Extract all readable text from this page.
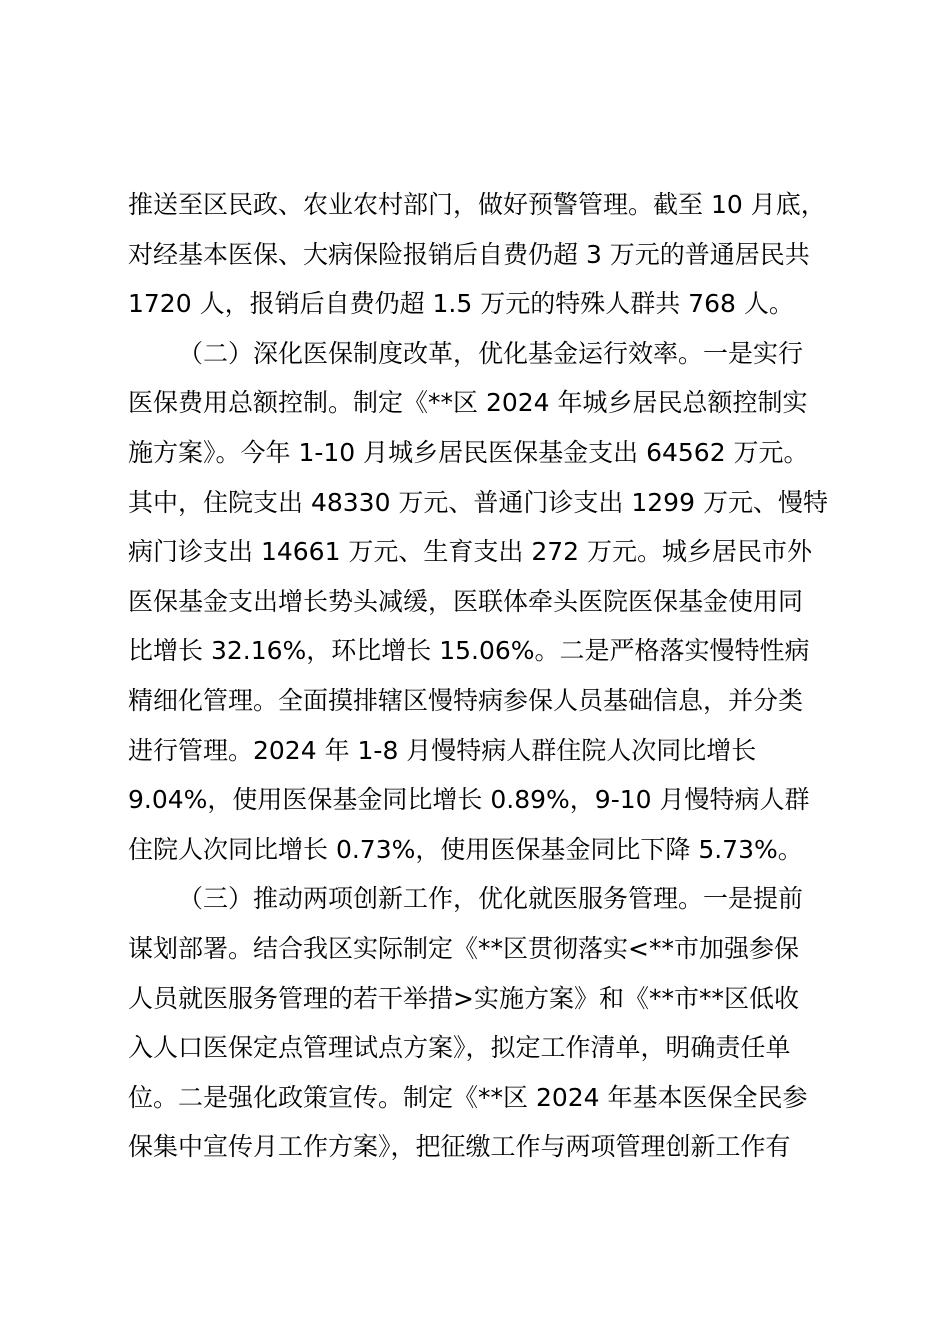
推送至区民政、农业农村部门，做好预警管理。截至 10 月底，
对经基本医保、大病保险报销后自费仍超 3 万元的普通居民共
1720 人，报销后自费仍超 1.5 万元的特殊人群共 768 人。
（二）深化医保制度改革，优化基金运行效率。一是实行
医保费用总额控制。制定《**区 2024 年城乡居民总额控制实
施方案》。今年 1-10 月城乡居民医保基金支出 64562 万元。
其中，住院支出 48330 万元、普通门诊支出 1299 万元、慢特
病门诊支出 14661 万元、生育支出 272 万元。城乡居民市外
医保基金支出增长势头减缓，医联体牵头医院医保基金使用同
比增长 32.16%，环比增长 15.06%。二是严格落实慢特性病
精细化管理。全面摸排辖区慢特病参保人员基础信息，并分类
进行管理。2024 年 1-8 月慢特病人群住院人次同比增长
9.04%，使用医保基金同比增长 0.89%，9-10 月慢特病人群
住院人次同比增长 0.73%，使用医保基金同比下降 5.73%。
（三）推动两项创新工作，优化就医服务管理。一是提前
谋划部署。结合我区实际制定《**区贯彻落实<**市加强参保
人员就医服务管理的若干举措>实施方案》和《**市**区低收
入人口医保定点管理试点方案》，拟定工作清单，明确责任单
位。二是强化政策宣传。制定《**区 2024 年基本医保全民参
保集中宣传月工作方案》，把征缴工作与两项管理创新工作有
